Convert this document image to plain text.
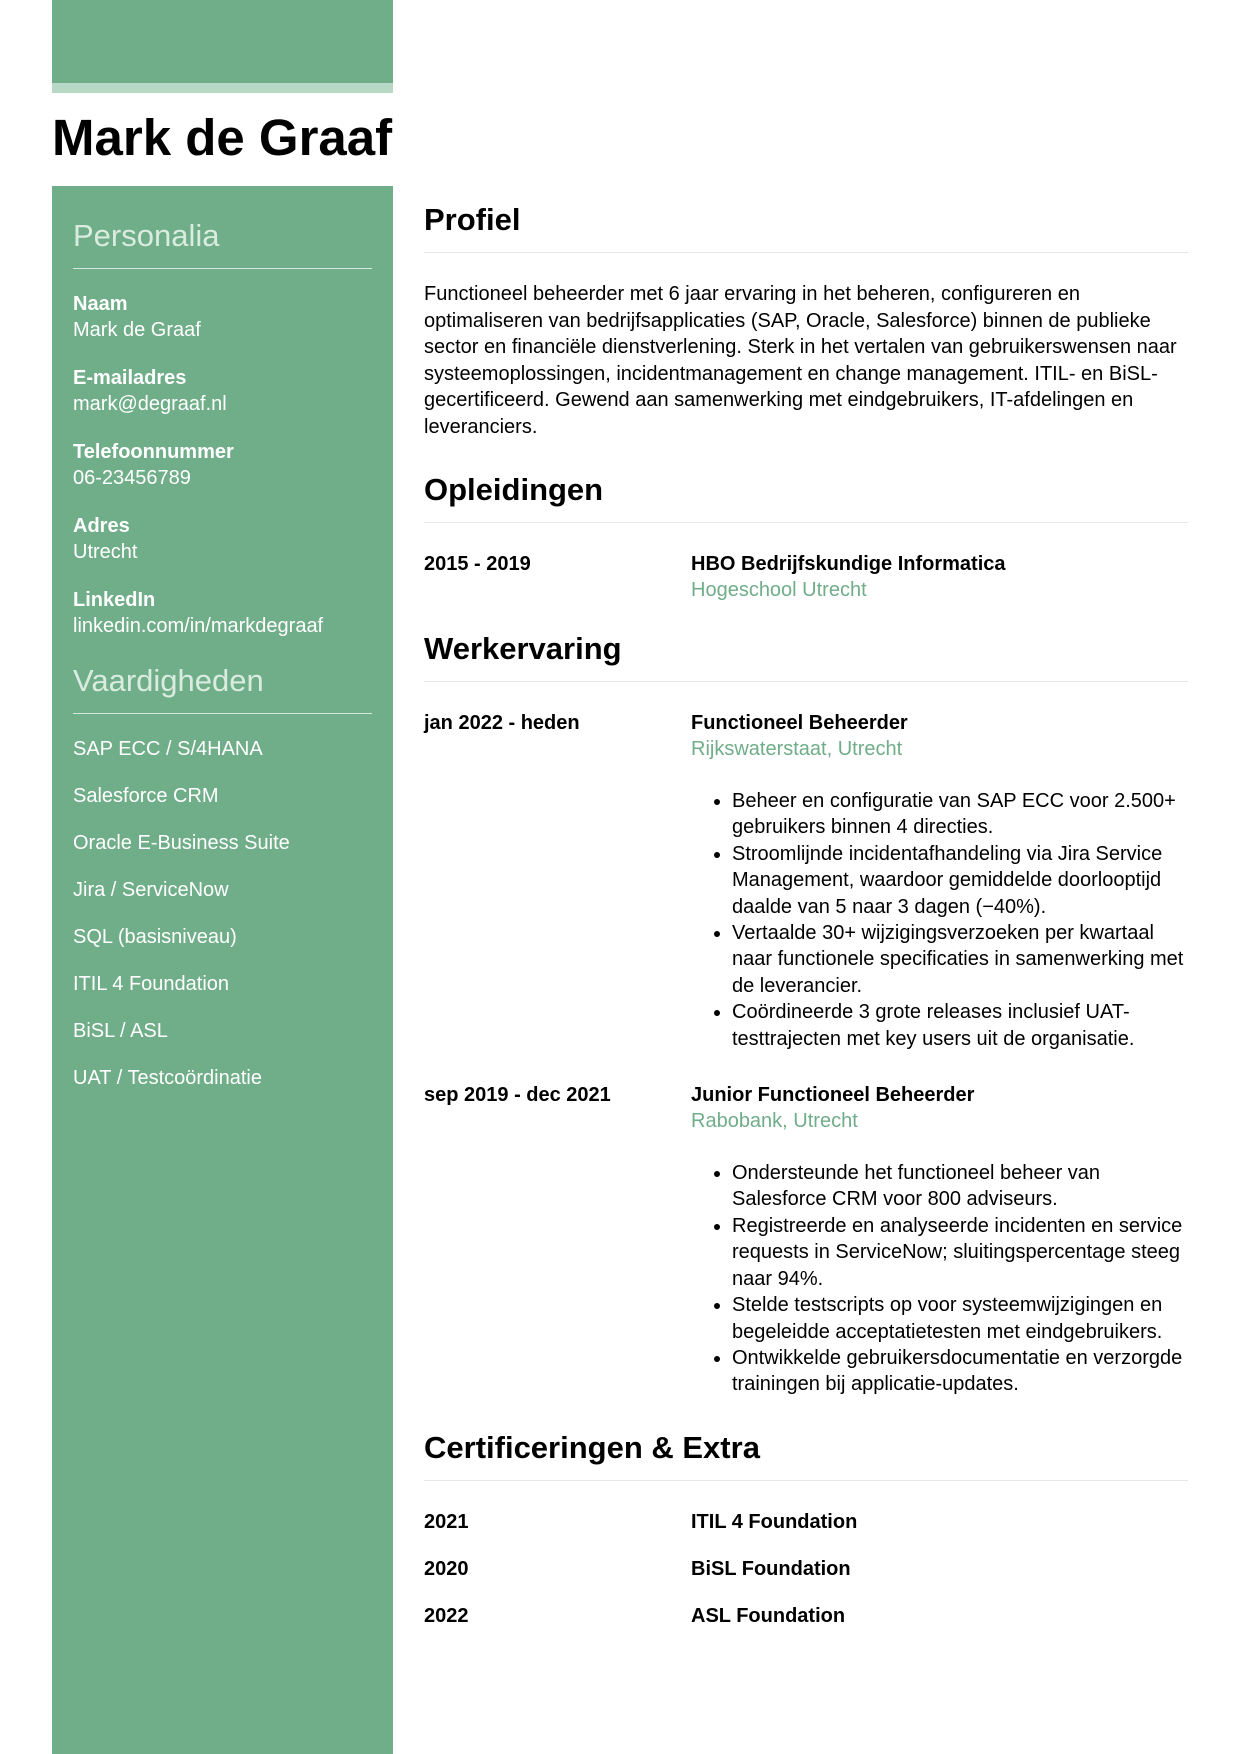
Mark de Graaf
Personalia
Naam
Mark de Graaf
E-mailadres
mark@degraaf.nl
Telefoonnummer
06-23456789
Adres
Utrecht
LinkedIn
linkedin.com/in/markdegraaf
Vaardigheden
SAP ECC / S/4HANA
Salesforce CRM
Oracle E-Business Suite
Jira / ServiceNow
SQL (basisniveau)
ITIL 4 Foundation
BiSL / ASL
UAT / Testcoördinatie
Profiel

Functioneel beheerder met 6 jaar ervaring in het beheren, configureren en optimaliseren van bedrijfsapplicaties (SAP, Oracle, Salesforce) binnen de publieke sector en financiële dienstverlening. Sterk in het vertalen van gebruikerswensen naar systeemoplossingen, incidentmanagement en change management. ITIL- en BiSL-gecertificeerd. Gewend aan samenwerking met eindgebruikers, IT-afdelingen en leveranciers.

Opleidingen
2015 - 2019	HBO Bedrijfskundige Informatica
Hogeschool Utrecht
Werkervaring
jan 2022 - heden	Functioneel Beheerder
Rijkswaterstaat, Utrecht
• Beheer en configuratie van SAP ECC voor 2.500+ gebruikers binnen 4 directies.
• Stroomlijnde incidentafhandeling via Jira Service Management, waardoor gemiddelde doorlooptijd daalde van 5 naar 3 dagen (−40%).
• Vertaalde 30+ wijzigingsverzoeken per kwartaal naar functionele specificaties in samenwerking met de leverancier.
• Coördineerde 3 grote releases inclusief UAT-testtrajecten met key users uit de organisatie.
sep 2019 - dec 2021	Junior Functioneel Beheerder
Rabobank, Utrecht
• Ondersteunde het functioneel beheer van Salesforce CRM voor 800 adviseurs.
• Registreerde en analyseerde incidenten en service requests in ServiceNow; sluitingspercentage steeg naar 94%.
• Stelde testscripts op voor systeemwijzigingen en begeleidde acceptatietesten met eindgebruikers.
• Ontwikkelde gebruikersdocumentatie en verzorgde trainingen bij applicatie-updates.
Certificeringen & Extra
2021	ITIL 4 Foundation
2020	BiSL Foundation
2022	ASL Foundation
